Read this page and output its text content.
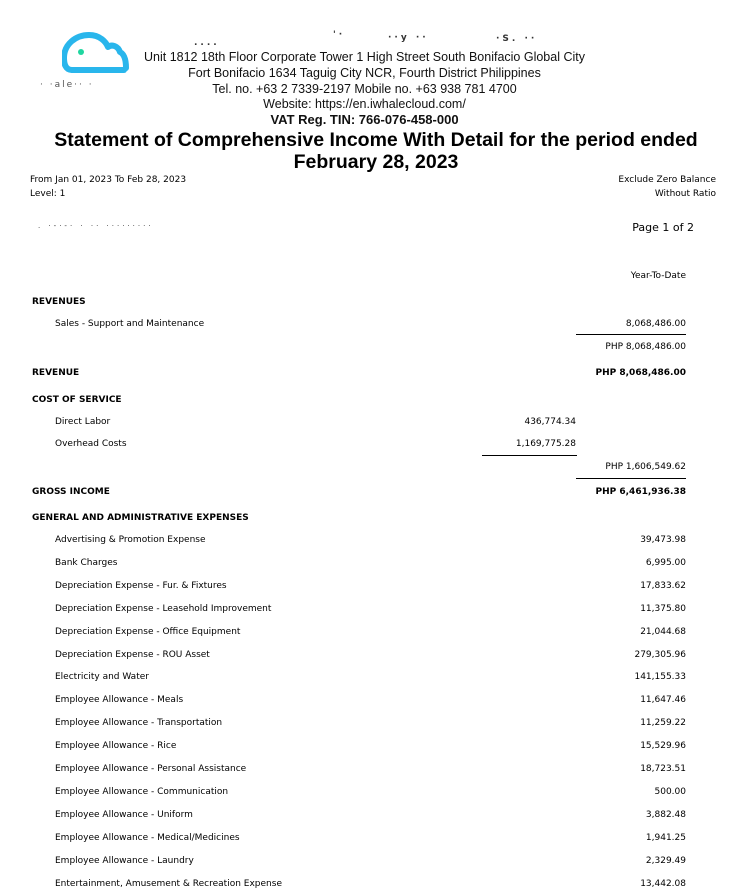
· ·ale·· ·
....
'·	··y ··	·S. ··
Unit 1812 18th Floor Corporate Tower 1 High Street South Bonifacio Global City
Fort Bonifacio 1634 Taguig City NCR, Fourth District Philippines
Tel. no. +63 2 7339-2197 Mobile no. +63 938 781 4700
Website: https://en.iwhalecloud.com/
VAT Reg. TIN: 766-076-458-000
Statement of Comprehensive Income With Detail for the period ended
February 28, 2023
From Jan 01, 2023 To Feb 28, 2023
Level: 1
Exclude Zero Balance
Without Ratio
. ·-·-· · ·· ·········	Page 1 of 2
Year-To-Date
REVENUES
Sales - Support and Maintenance	8,068,486.00
PHP 8,068,486.00
REVENUE	PHP 8,068,486.00
COST OF SERVICE
Direct Labor	436,774.34
Overhead Costs	1,169,775.28
PHP 1,606,549.62
GROSS INCOME	PHP 6,461,936.38
GENERAL AND ADMINISTRATIVE EXPENSES
Advertising & Promotion Expense	39,473.98
Bank Charges	6,995.00
Depreciation Expense - Fur. & Fixtures	17,833.62
Depreciation Expense - Leasehold Improvement	11,375.80
Depreciation Expense - Office Equipment	21,044.68
Depreciation Expense - ROU Asset	279,305.96
Electricity and Water	141,155.33
Employee Allowance - Meals	11,647.46
Employee Allowance - Transportation	11,259.22
Employee Allowance - Rice	15,529.96
Employee Allowance - Personal Assistance	18,723.51
Employee Allowance - Communication	500.00
Employee Allowance - Uniform	3,882.48
Employee Allowance - Medical/Medicines	1,941.25
Employee Allowance - Laundry	2,329.49
Entertainment, Amusement & Recreation Expense	13,442.08
